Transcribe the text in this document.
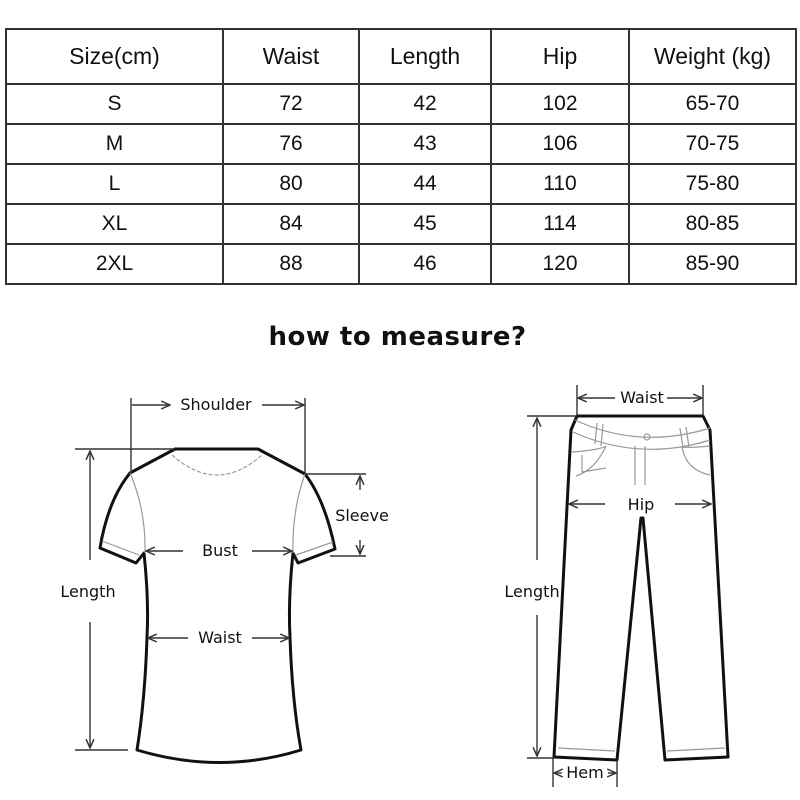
Size(cm)	Waist	Length	Hip	Weight (kg)
S	72	42	102	65-70
M	76	43	106	70-75
L	80	44	110	75-80
XL	84	45	114	80-85
2XL	88	46	120	85-90
how to measure?
Shoulder
Length
Sleeve
Bust
Waist
Waist
Hip
Length
Hem
